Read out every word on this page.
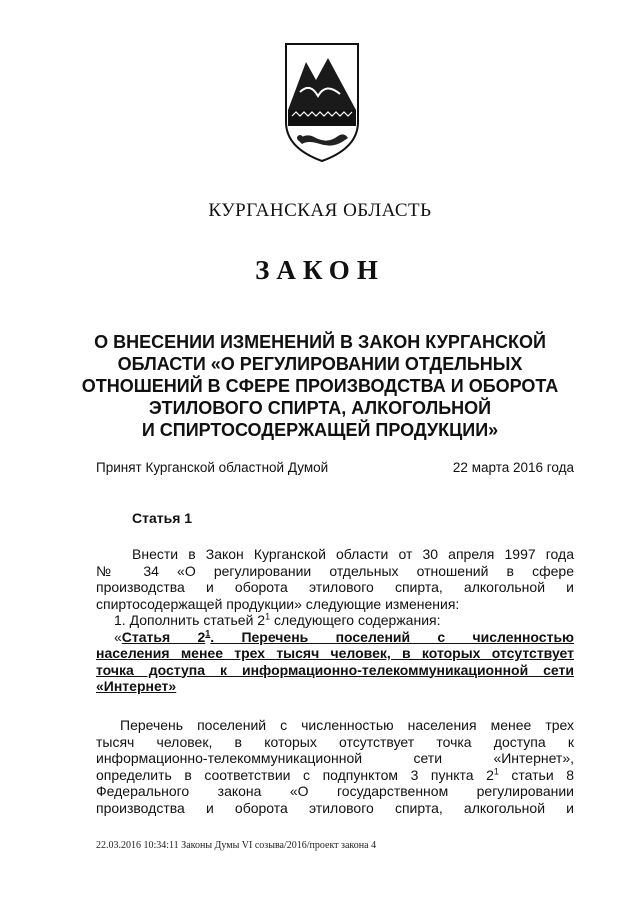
КУРГАНСКАЯ ОБЛАСТЬ
ЗАКОН
О ВНЕСЕНИИ ИЗМЕНЕНИЙ В ЗАКОН КУРГАНСКОЙ
ОБЛАСТИ «О РЕГУЛИРОВАНИИ ОТДЕЛЬНЫХ
ОТНОШЕНИЙ В СФЕРЕ ПРОИЗВОДСТВА И ОБОРОТА
ЭТИЛОВОГО СПИРТА, АЛКОГОЛЬНОЙ
И СПИРТОСОДЕРЖАЩЕЙ ПРОДУКЦИИ»
Принят Курганской областной Думой	22 марта 2016 года
Статья 1
Внести в Закон Курганской области от 30 апреля 1997 года
№ 34 «О регулировании отдельных отношений в сфере
производства и оборота этилового спирта, алкогольной и
спиртосодержащей продукции» следующие изменения:
1. Дополнить статьей $2^1$ следующего содержания:
«Статья $2^1$. Перечень поселений с численностью
населения менее трех тысяч человек, в которых отсутствует
точка доступа к информационно-телекоммуникационной сети
«Интернет»
Перечень поселений с численностью населения менее трех
тысяч человек, в которых отсутствует точка доступа к
информационно-телекоммуникационной сети «Интернет»,
определить в соответствии с подпунктом 3 пункта $2^1$ статьи 8
Федерального закона «О государственном регулировании
производства и оборота этилового спирта, алкогольной и
22.03.2016 10:34:11 Законы Думы VI созыва/2016/проект закона 4
